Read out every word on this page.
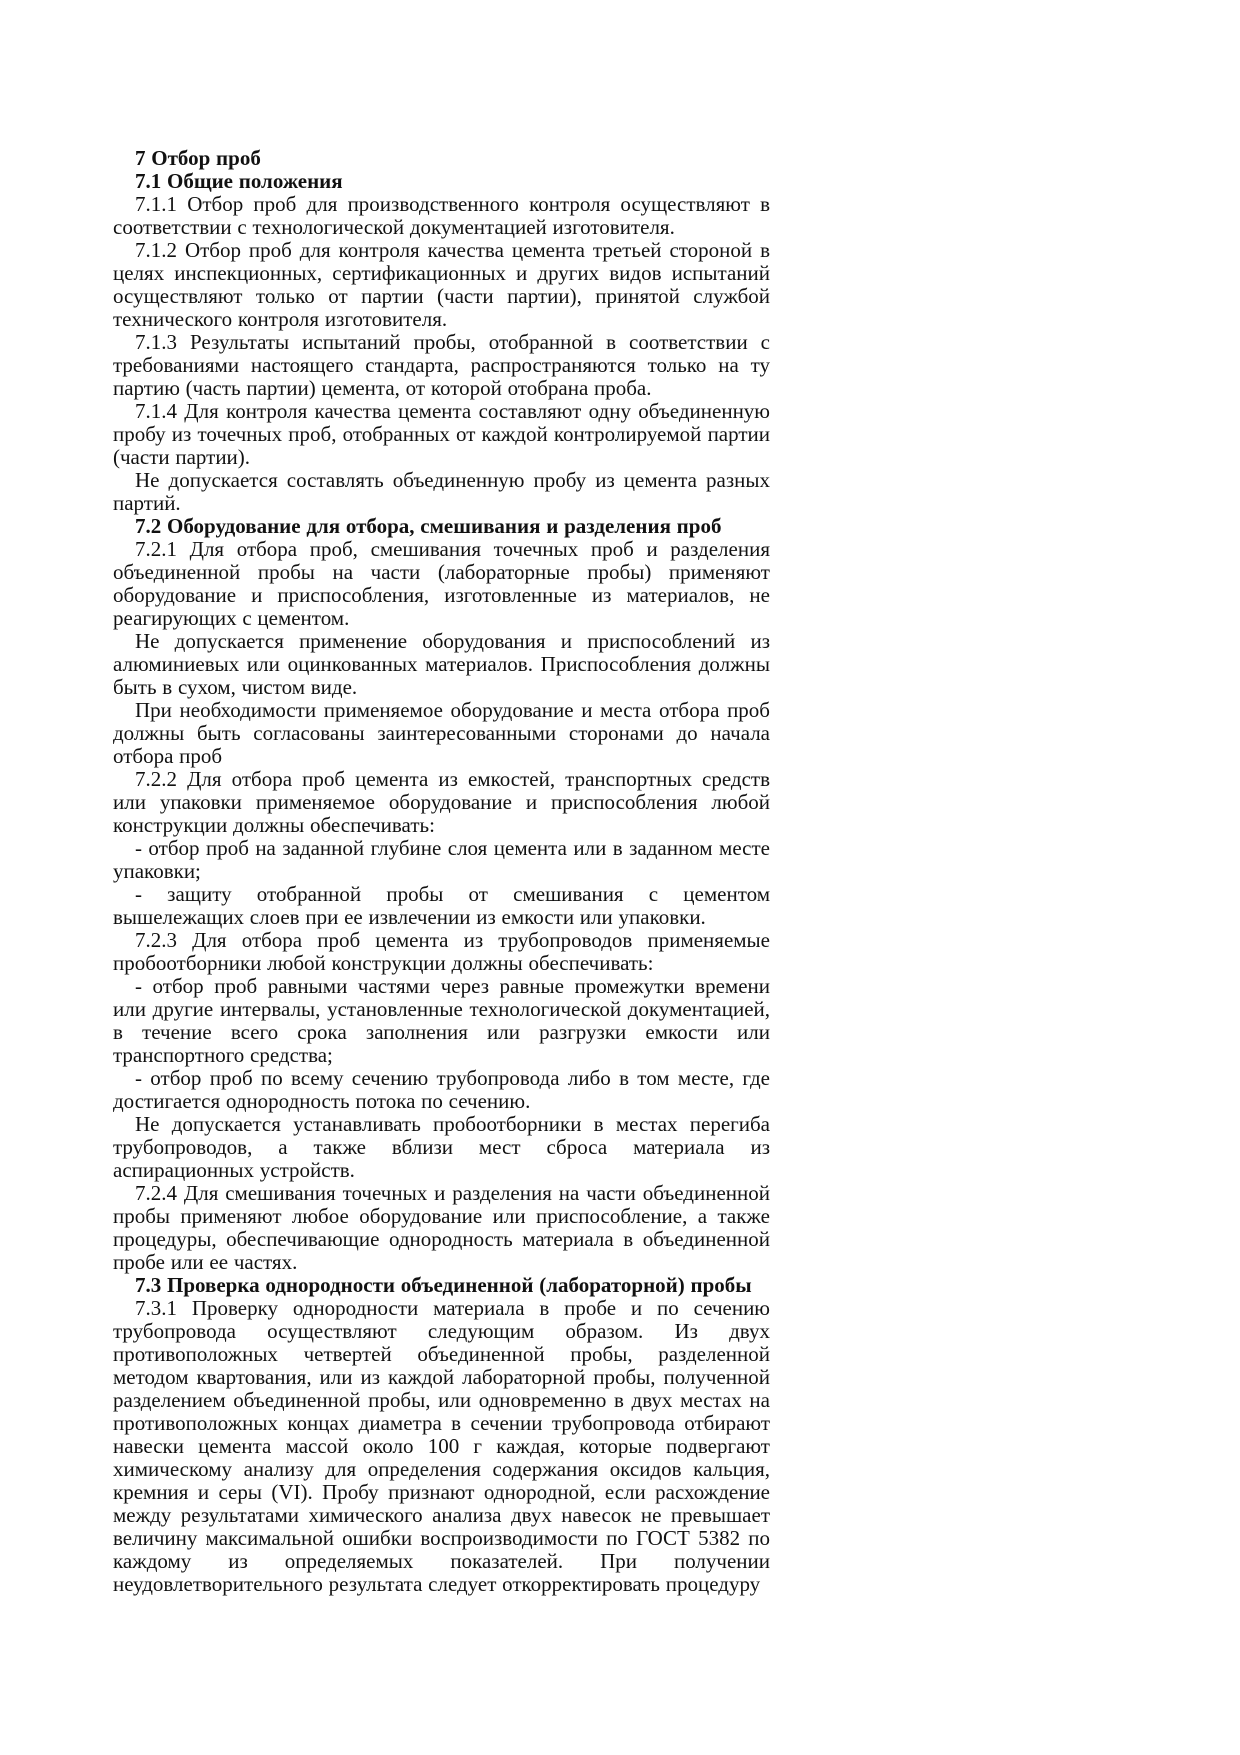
7 Отбор проб

7.1 Общие положения

7.1.1 Отбор проб для производственного контроля осуществляют в соответствии с технологической документацией изготовителя.

7.1.2 Отбор проб для контроля качества цемента третьей стороной в целях инспекционных, сертификационных и других видов испытаний осуществляют только от партии (части партии), принятой службой технического контроля изготовителя.

7.1.3 Результаты испытаний пробы, отобранной в соответствии с требованиями настоящего стандарта, распространяются только на ту партию (часть партии) цемента, от которой отобрана проба.

7.1.4 Для контроля качества цемента составляют одну объединенную пробу из точечных проб, отобранных от каждой контролируемой партии (части партии).

Не допускается составлять объединенную пробу из цемента разных партий.

7.2 Оборудование для отбора, смешивания и разделения проб

7.2.1 Для отбора проб, смешивания точечных проб и разделения объединенной пробы на части (лабораторные пробы) применяют оборудование и приспособления, изготовленные из материалов, не реагирующих с цементом.

Не допускается применение оборудования и приспособлений из алюминиевых или оцинкованных материалов. Приспособления должны быть в сухом, чистом виде.

При необходимости применяемое оборудование и места отбора проб должны быть согласованы заинтересованными сторонами до начала отбора проб

7.2.2 Для отбора проб цемента из емкостей, транспортных средств или упаковки применяемое оборудование и приспособления любой конструкции должны обеспечивать:

- отбор проб на заданной глубине слоя цемента или в заданном месте упаковки;

- защиту отобранной пробы от смешивания с цементом вышележащих слоев при ее извлечении из емкости или упаковки.

7.2.3 Для отбора проб цемента из трубопроводов применяемые пробоотборники любой конструкции должны обеспечивать:

- отбор проб равными частями через равные промежутки времени или другие интервалы, установленные технологической документацией, в течение всего срока заполнения или разгрузки емкости или транспортного средства;

- отбор проб по всему сечению трубопровода либо в том месте, где достигается однородность потока по сечению.

Не допускается устанавливать пробоотборники в местах перегиба трубопроводов, а также вблизи мест сброса материала из аспирационных устройств.

7.2.4 Для смешивания точечных и разделения на части объединенной пробы применяют любое оборудование или приспособление, а также процедуры, обеспечивающие однородность материала в объединенной пробе или ее частях.

7.3 Проверка однородности объединенной (лабораторной) пробы

7.3.1 Проверку однородности материала в пробе и по сечению трубопровода осуществляют следующим образом. Из двух противоположных четвертей объединенной пробы, разделенной методом квартования, или из каждой лабораторной пробы, полученной разделением объединенной пробы, или одновременно в двух местах на противоположных концах диаметра в сечении трубопровода отбирают навески цемента массой около 100 г каждая, которые подвергают химическому анализу для определения содержания оксидов кальция, кремния и серы (VI). Пробу признают однородной, если расхождение между результатами химического анализа двух навесок не превышает величину максимальной ошибки воспроизводимости по ГОСТ 5382 по каждому из определяемых показателей. При получении неудовлетворительного результата следует откорректировать процедуру
